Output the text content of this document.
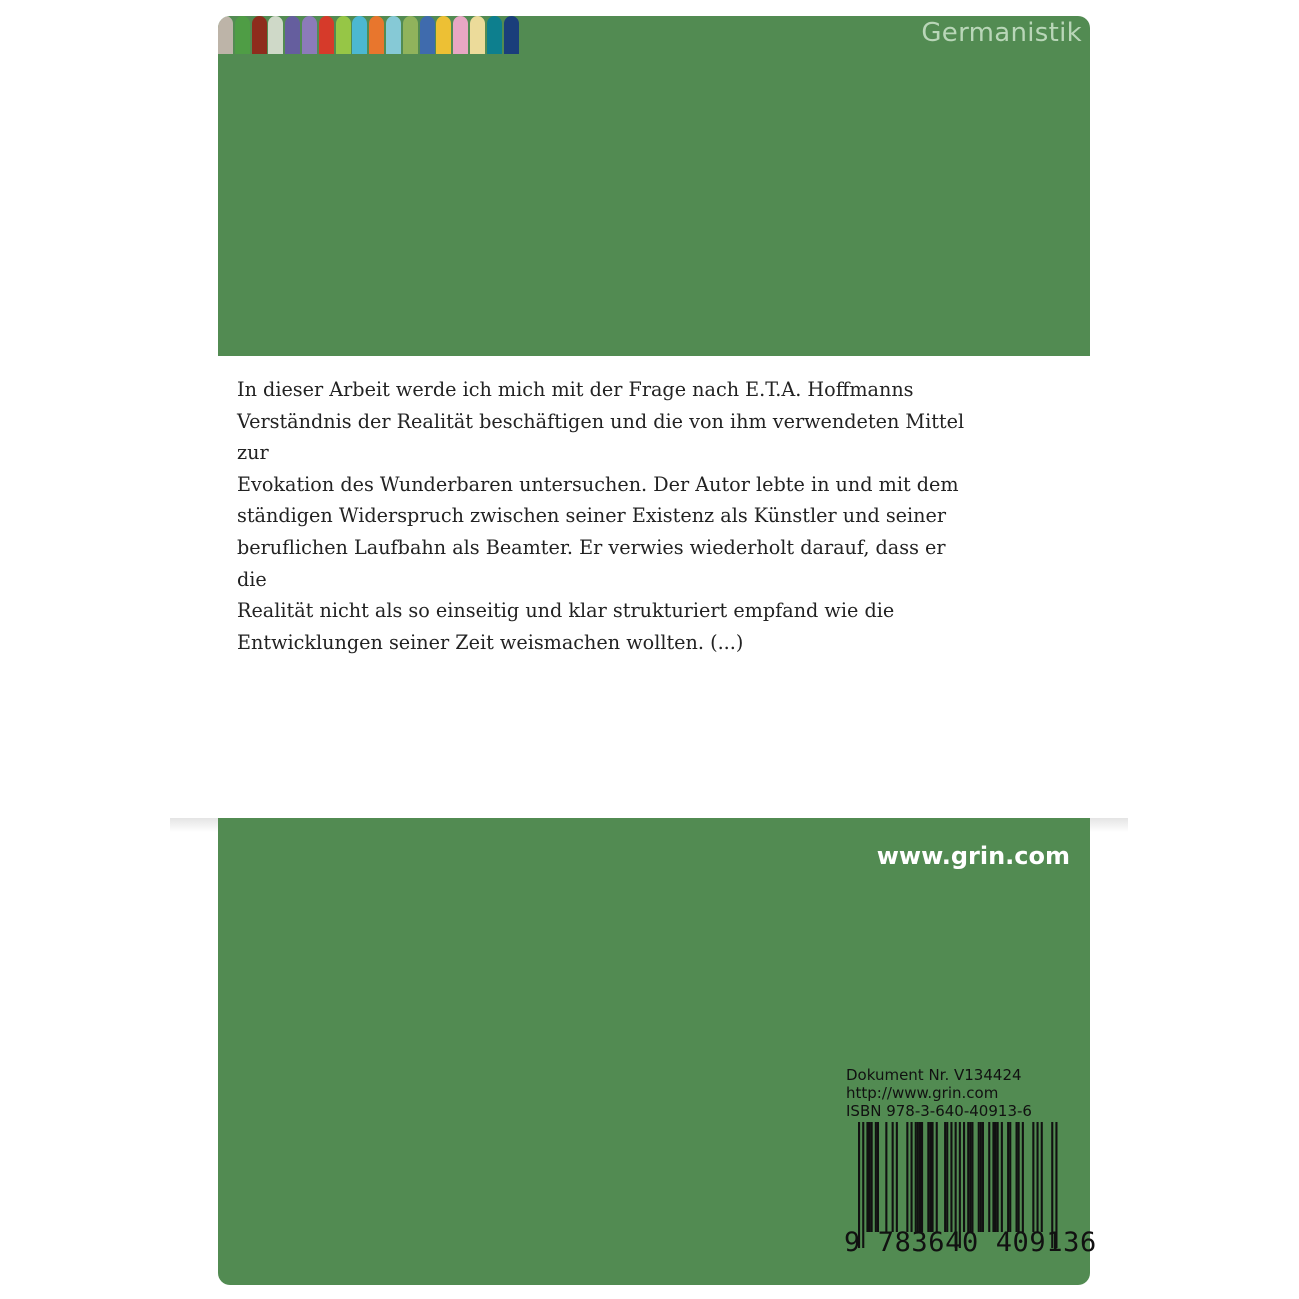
Germanistik

In dieser Arbeit werde ich mich mit der Frage nach E.T.A. Hoffmanns
Verständnis der Realität beschäftigen und die von ihm verwendeten Mittel zur
Evokation des Wunderbaren untersuchen. Der Autor lebte in und mit dem
ständigen Widerspruch zwischen seiner Existenz als Künstler und seiner
beruflichen Laufbahn als Beamter. Er verwies wiederholt darauf, dass er die
Realität nicht als so einseitig und klar strukturiert empfand wie die
Entwicklungen seiner Zeit weismachen wollten. (...)

www.grin.com
Dokument Nr. V134424
http://www.grin.com
ISBN 978-3-640-40913-6
9 783640 409136
